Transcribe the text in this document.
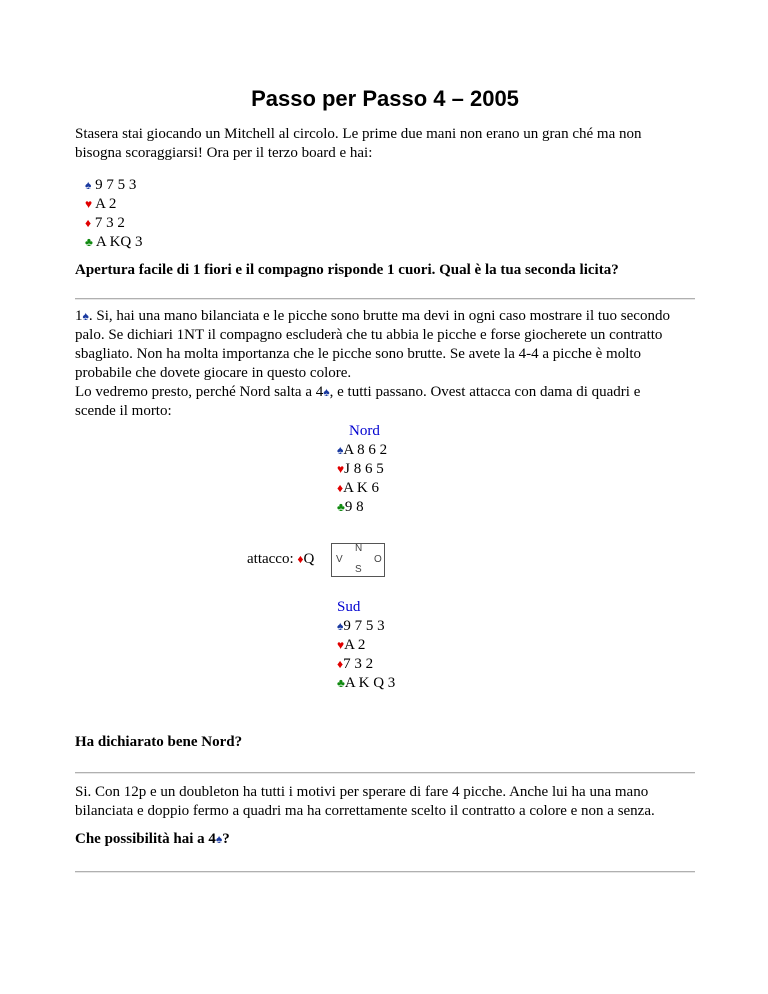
Passo per Passo 4 – 2005

Stasera stai giocando un Mitchell al circolo. Le prime due mani non erano un gran ché ma non
bisogna scoraggiarsi! Ora per il terzo board e hai:

♠ 9 7 5 3
♥ A 2
♦ 7 3 2
♣ A KQ 3

Apertura facile di 1 fiori e il compagno risponde 1 cuori. Qual è la tua seconda licita?

1♠. Si, hai una mano bilanciata e le picche sono brutte ma devi in ogni caso mostrare il tuo secondo
palo. Se dichiari 1NT il compagno escluderà che tu abbia le picche e forse giocherete un contratto
sbagliato. Non ha molta importanza che le picche sono brutte. Se avete la 4-4 a picche è molto
probabile che dovete giocare in questo colore.
Lo vedremo presto, perché Nord salta a 4♠, e tutti passano. Ovest attacca con dama di quadri e
scende il morto:

Nord
♠A 8 6 2
♥J 8 6 5
♦A K 6
♣9 8
attacco: ♦Q
N
V	O
S
Sud
♠9 7 5 3
♥A 2
♦7 3 2
♣A K Q 3

Ha dichiarato bene Nord?

Si. Con 12p e un doubleton ha tutti i motivi per sperare di fare 4 picche. Anche lui ha una mano
bilanciata e doppio fermo a quadri ma ha correttamente scelto il contratto a colore e non a senza.

Che possibilità hai a 4♠?
